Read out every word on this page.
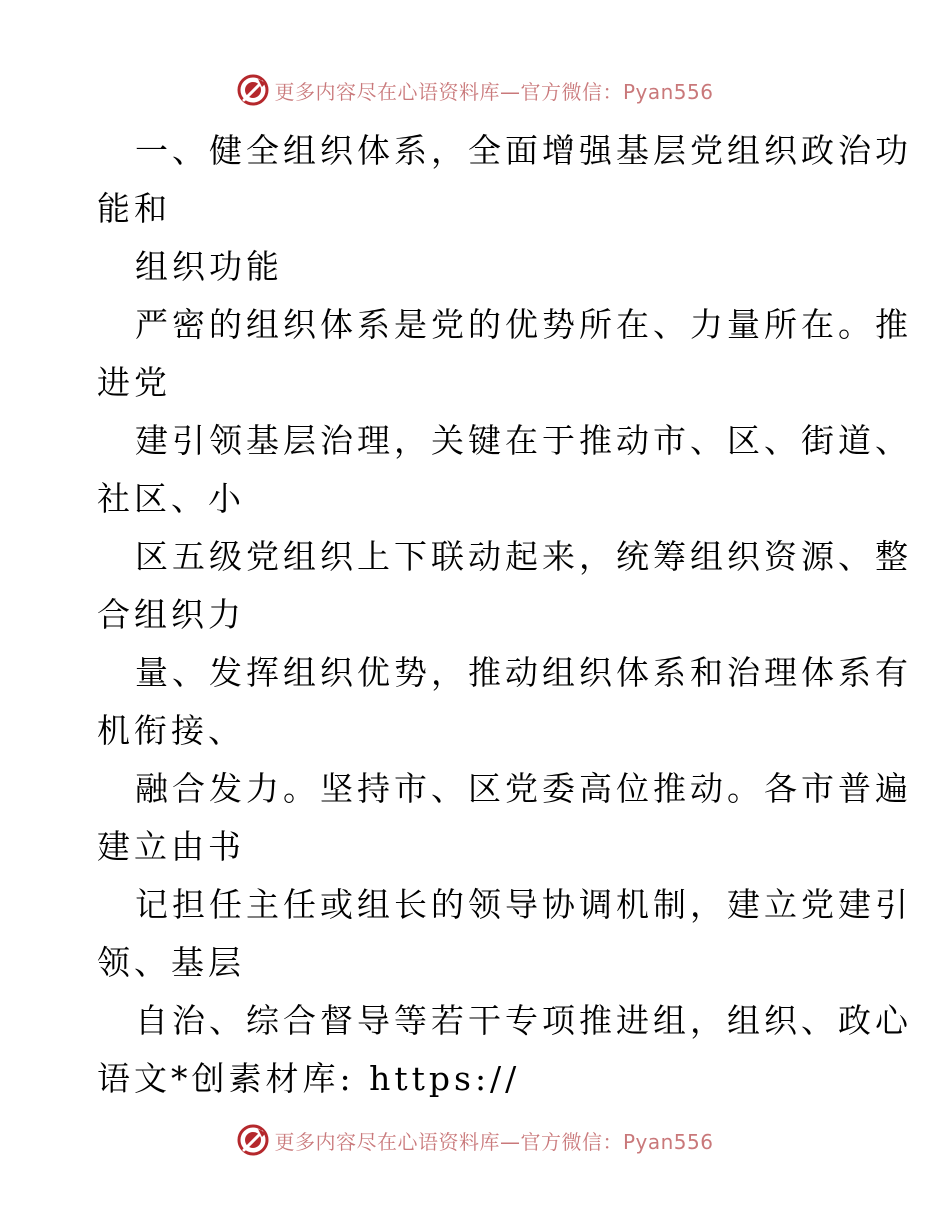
更多内容尽在心语资料库—官方微信：Pyan556
一、健全组织体系，全面增强基层党组织政治功
能和
组织功能
严密的组织体系是党的优势所在、力量所在。推
进党
建引领基层治理，关键在于推动市、区、街道、
社区、小
区五级党组织上下联动起来，统筹组织资源、整
合组织力
量、发挥组织优势，推动组织体系和治理体系有
机衔接、
融合发力。坚持市、区党委高位推动。各市普遍
建立由书
记担任主任或组长的领导协调机制，建立党建引
领、基层
自治、综合督导等若干专项推进组，组织、政心
语文*创素材库: https://
更多内容尽在心语资料库—官方微信：Pyan556
